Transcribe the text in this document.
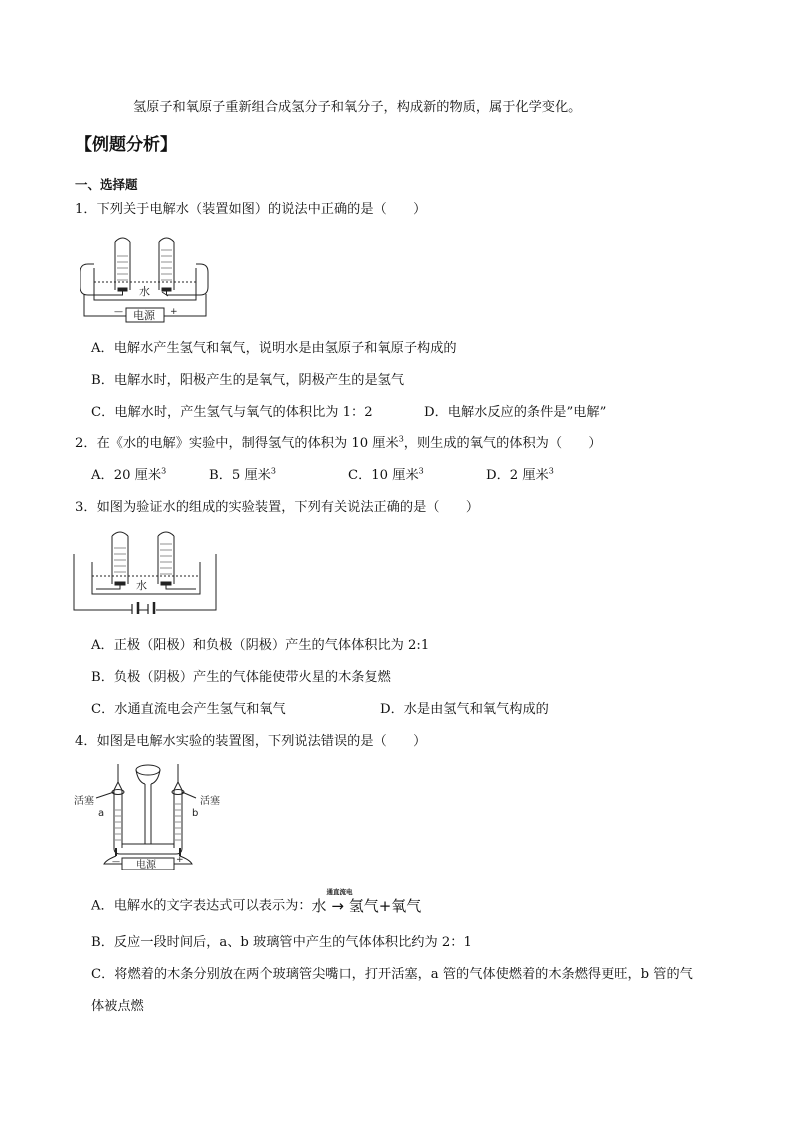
氢原子和氧原子重新组合成氢分子和氧分子，构成新的物质，属于化学变化。
【例题分析】
一、选择题
1．下列关于电解水（装置如图）的说法中正确的是（　　）
水
电源
—	+
A．电解水产生氢气和氧气，说明水是由氢原子和氧原子构成的
B．电解水时，阳极产生的是氧气，阴极产生的是氢气
C．电解水时，产生氢气与氧气的体积比为 1：2	D．电解水反应的条件是”电解”
2．在《水的电解》实验中，制得氢气的体积为 10 厘米$^3$，则生成的氧气的体积为（　　）
A．20 厘米$^3$	B．5 厘米$^3$	C．10 厘米$^3$	D．2 厘米$^3$
3．如图为验证水的组成的实验装置，下列有关说法正确的是（　　）
水
A．正极（阳极）和负极（阴极）产生的气体体积比为 2:1
B．负极（阴极）产生的气体能使带火星的木条复燃
C．水通直流电会产生氢气和氧气	D．水是由氢气和氧气构成的
4．如图是电解水实验的装置图，下列说法错误的是（　　）
活塞	活塞
a	b
电源
—	+
A．电解水的文字表达式可以表示为：水
通直流电
→ 氢气+氧气
B．反应一段时间后，a、b 玻璃管中产生的气体体积比约为 2：1
C．将燃着的木条分别放在两个玻璃管尖嘴口，打开活塞，a 管的气体使燃着的木条燃得更旺，b 管的气
体被点燃
